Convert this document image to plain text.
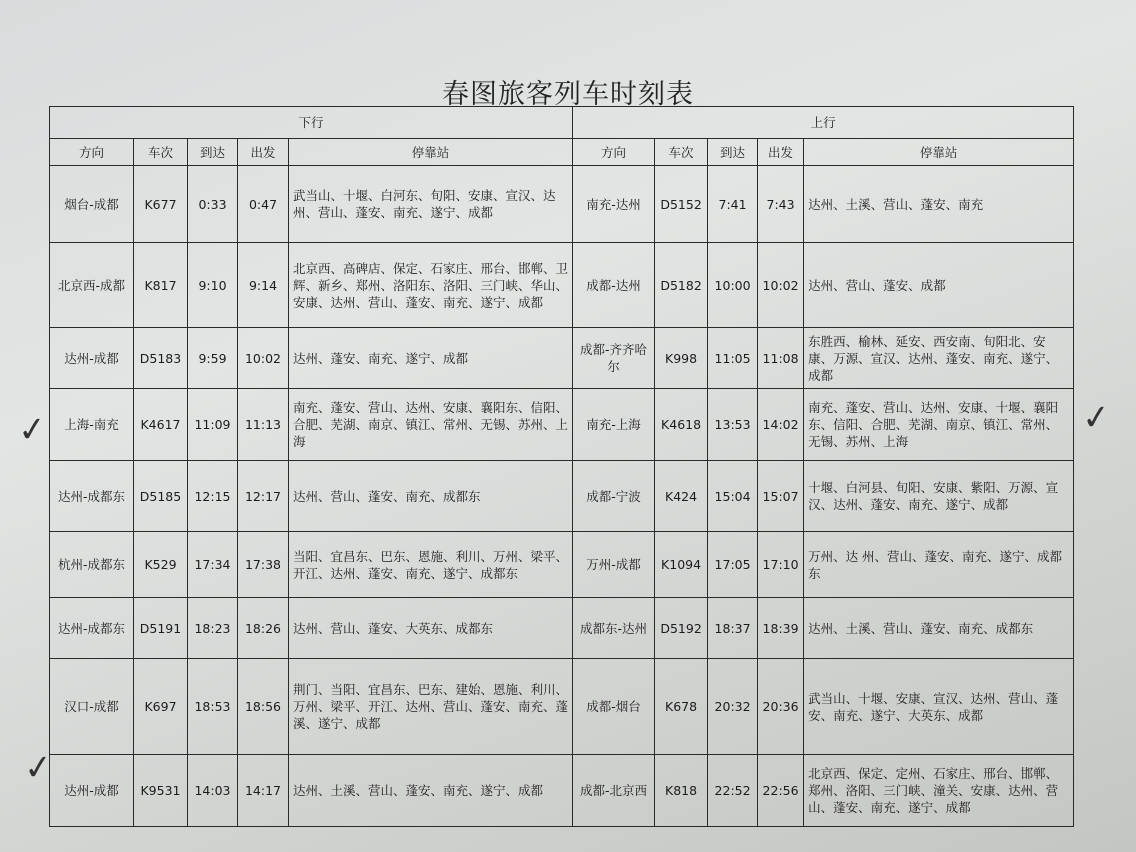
春图旅客列车时刻表
下行					上行				
方向	车次	到达	出发	停靠站	方向	车次	到达	出发	停靠站
烟台-成都	K677	0:33	0:47	武当山、十堰、白河东、旬阳、安康、宣汉、达州、营山、蓬安、南充、遂宁、成都	南充-达州	D5152	7:41	7:43	达州、土溪、营山、蓬安、南充
北京西-成都	K817	9:10	9:14	北京西、高碑店、保定、石家庄、邢台、邯郸、卫辉、新乡、郑州、洛阳东、洛阳、三门峡、华山、安康、达州、营山、蓬安、南充、遂宁、成都	成都-达州	D5182	10:00	10:02	达州、营山、蓬安、成都
达州-成都	D5183	9:59	10:02	达州、蓬安、南充、遂宁、成都	成都-齐齐哈尔	K998	11:05	11:08	东胜西、榆林、延安、西安南、旬阳北、安康、万源、宣汉、达州、蓬安、南充、遂宁、成都
上海-南充	K4617	11:09	11:13	南充、蓬安、营山、达州、安康、襄阳东、信阳、合肥、芜湖、南京、镇江、常州、无锡、苏州、上海	南充-上海	K4618	13:53	14:02	南充、蓬安、营山、达州、安康、十堰、襄阳东、信阳、合肥、芜湖、南京、镇江、常州、无锡、苏州、上海
达州-成都东	D5185	12:15	12:17	达州、营山、蓬安、南充、成都东	成都-宁波	K424	15:04	15:07	十堰、白河县、旬阳、安康、紫阳、万源、宣汉、达州、蓬安、南充、遂宁、成都
杭州-成都东	K529	17:34	17:38	当阳、宜昌东、巴东、恩施、利川、万州、梁平、开江、达州、蓬安、南充、遂宁、成都东	万州-成都	K1094	17:05	17:10	万州、达 州、营山、蓬安、南充、遂宁、成都东
达州-成都东	D5191	18:23	18:26	达州、营山、蓬安、大英东、成都东	成都东-达州	D5192	18:37	18:39	达州、土溪、营山、蓬安、南充、成都东
汉口-成都	K697	18:53	18:56	荆门、当阳、宜昌东、巴东、建始、恩施、利川、万州、梁平、开江、达州、营山、蓬安、南充、蓬溪、遂宁、成都	成都-烟台	K678	20:32	20:36	武当山、十堰、安康、宣汉、达州、营山、蓬安、南充、遂宁、大英东、成都
达州-成都	K9531	14:03	14:17	达州、土溪、营山、蓬安、南充、遂宁、成都	成都-北京西	K818	22:52	22:56	北京西、保定、定州、石家庄、邢台、邯郸、郑州、洛阳、三门峡、潼关、安康、达州、营山、蓬安、南充、遂宁、成都
✓	✓
✓
